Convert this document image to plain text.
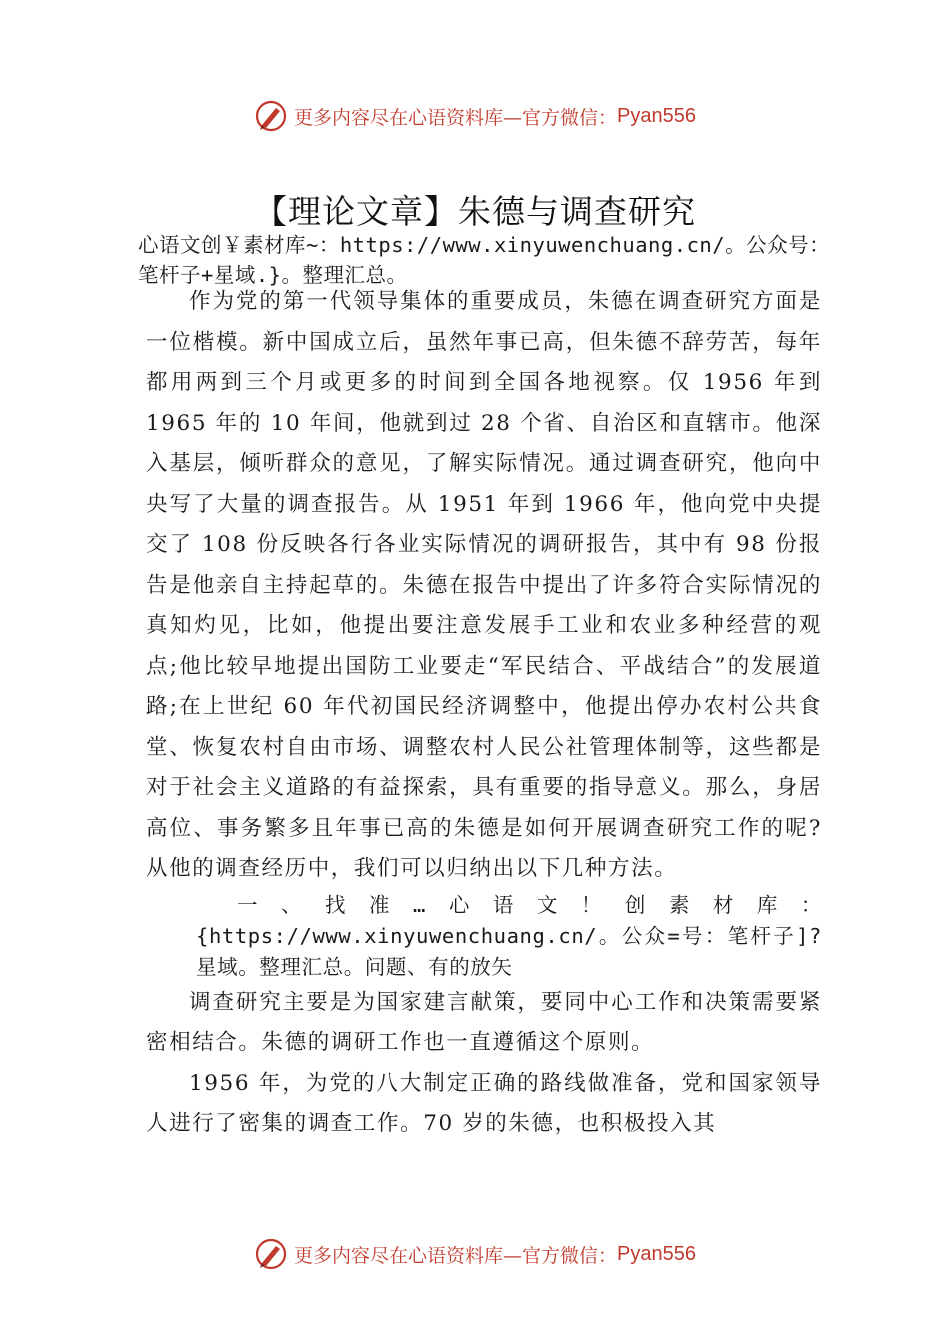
更多内容尽在心语资料库—官方微信： Pyan556
【理论文章】朱德与调查研究
心语文创￥素材库~：https://www.xinyuwenchuang.cn/。公众号：笔杆子+星域.}。整理汇总。

作为党的第一代领导集体的重要成员，朱德在调查研究方面是一位楷模。新中国成立后，虽然年事已高，但朱德不辞劳苦，每年都用两到三个月或更多的时间到全国各地视察。仅 1956 年到 1965 年的 10 年间，他就到过 28 个省、自治区和直辖市。他深入基层，倾听群众的意见，了解实际情况。通过调查研究，他向中央写了大量的调查报告。从 1951 年到 1966 年，他向党中央提交了 108 份反映各行各业实际情况的调研报告，其中有 98 份报告是他亲自主持起草的。朱德在报告中提出了许多符合实际情况的真知灼见，比如，他提出要注意发展手工业和农业多种经营的观点;他比较早地提出国防工业要走“军民结合、平战结合”的发展道路;在上世纪 60 年代初国民经济调整中，他提出停办农村公共食堂、恢复农村自由市场、调整农村人民公社管理体制等，这些都是对于社会主义道路的有益探索，具有重要的指导意义。那么，身居高位、事务繁多且年事已高的朱德是如何开展调查研究工作的呢?从他的调查经历中，我们可以归纳出以下几种方法。

一、找准…心语文！创素材库：{https://www.xinyuwenchuang.cn/。公众=号：笔杆子]?星域。整理汇总。问题、有的放矢

调查研究主要是为国家建言献策，要同中心工作和决策需要紧密相结合。朱德的调研工作也一直遵循这个原则。

1956 年，为党的八大制定正确的路线做准备，党和国家领导人进行了密集的调查工作。70 岁的朱德，也积极投入其

更多内容尽在心语资料库—官方微信： Pyan556
